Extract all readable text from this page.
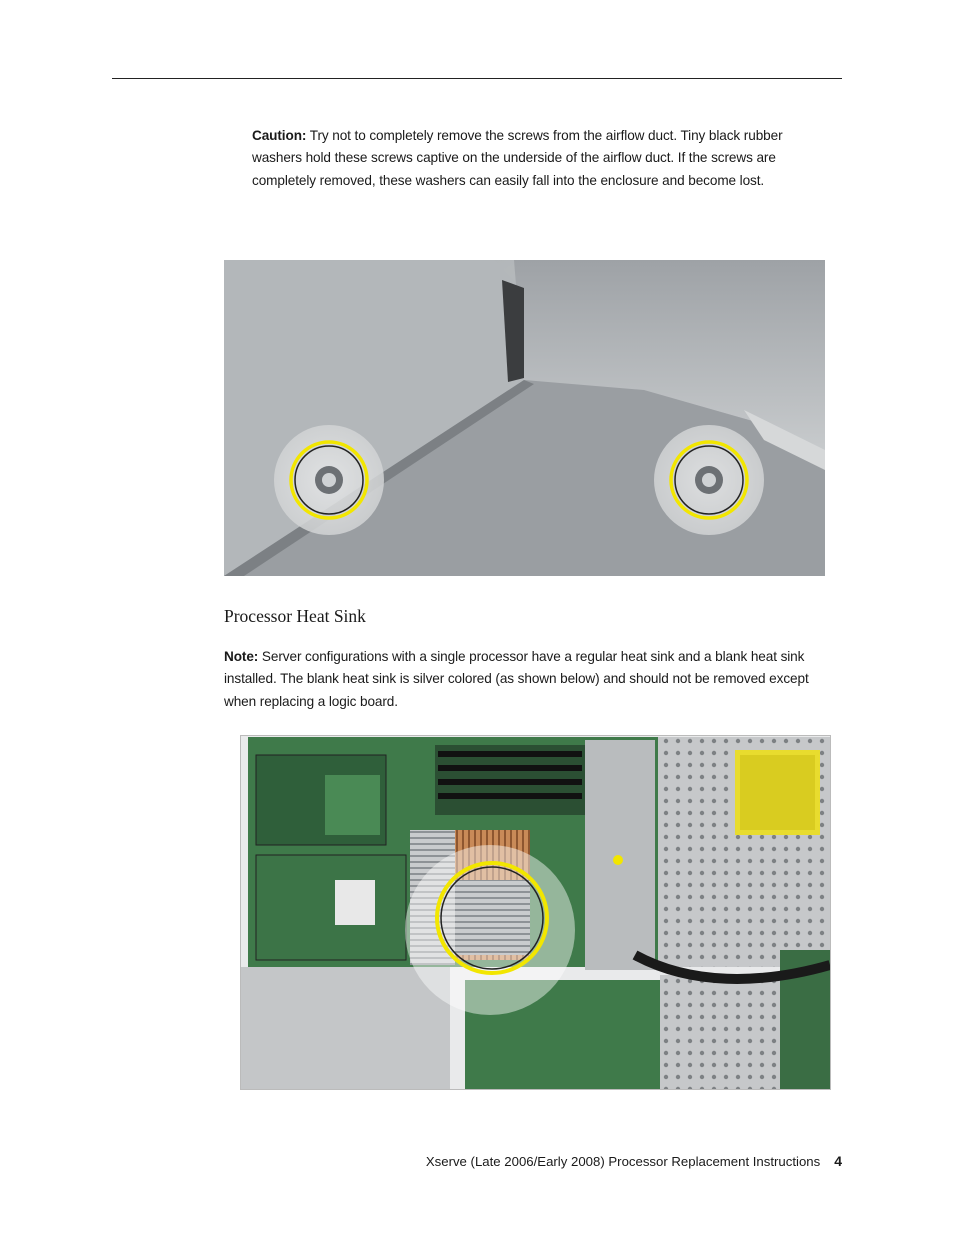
Caution: Try not to completely remove the screws from the airflow duct. Tiny black rubber washers hold these screws captive on the underside of the airflow duct. If the screws are completely removed, these washers can easily fall into the enclosure and become lost.

Processor Heat Sink

Note: Server configurations with a single processor have a regular heat sink and a blank heat sink installed. The blank heat sink is silver colored (as shown below) and should not be removed except when replacing a logic board.

Xserve (Late 2006/Early 2008) Processor Replacement Instructions 4
